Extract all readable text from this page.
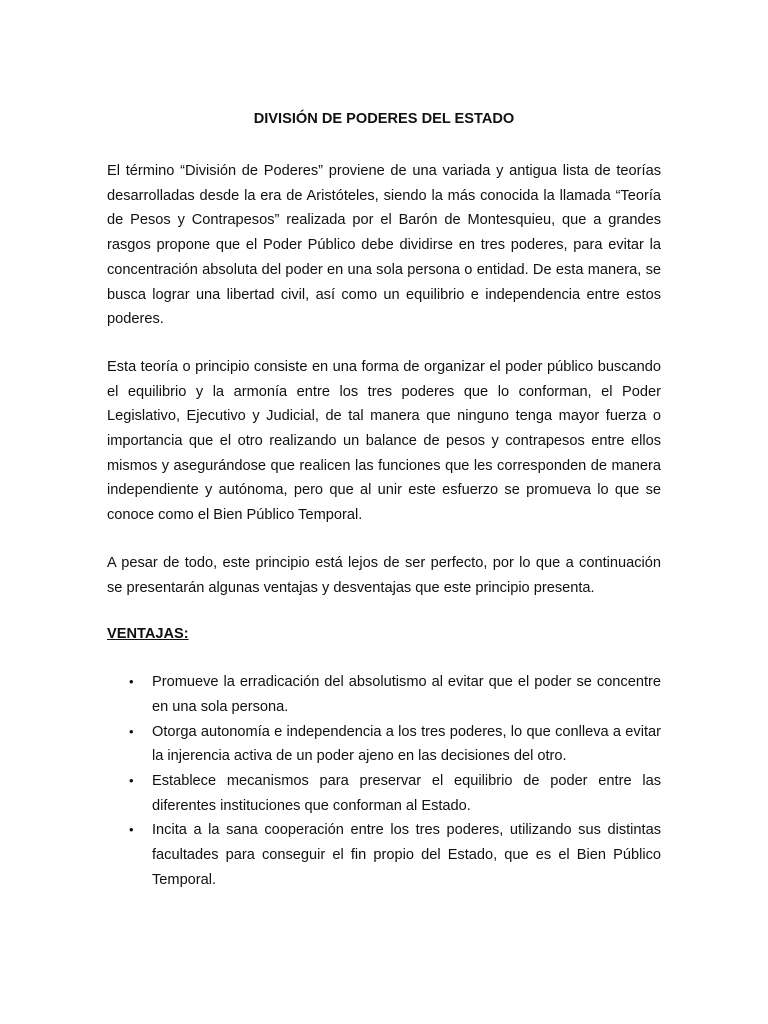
DIVISIÓN DE PODERES DEL ESTADO

El término “División de Poderes” proviene de una variada y antigua lista de teorías desarrolladas desde la era de Aristóteles, siendo la más conocida la llamada “Teoría de Pesos y Contrapesos” realizada por el Barón de Montesquieu, que a grandes rasgos propone que el Poder Público debe dividirse en tres poderes, para evitar la concentración absoluta del poder en una sola persona o entidad. De esta manera, se busca lograr una libertad civil, así como un equilibrio e independencia entre estos poderes.

Esta teoría o principio consiste en una forma de organizar el poder público buscando el equilibrio y la armonía entre los tres poderes que lo conforman, el Poder Legislativo, Ejecutivo y Judicial, de tal manera que ninguno tenga mayor fuerza o importancia que el otro realizando un balance de pesos y contrapesos entre ellos mismos y asegurándose que realicen las funciones que les corresponden de manera independiente y autónoma, pero que al unir este esfuerzo se promueva lo que se conoce como el Bien Público Temporal.

A pesar de todo, este principio está lejos de ser perfecto, por lo que a continuación se presentarán algunas ventajas y desventajas que este principio presenta.

VENTAJAS:
• Promueve la erradicación del absolutismo al evitar que el poder se concentre en una sola persona.
• Otorga autonomía e independencia a los tres poderes, lo que conlleva a evitar la injerencia activa de un poder ajeno en las decisiones del otro.
• Establece mecanismos para preservar el equilibrio de poder entre las diferentes instituciones que conforman al Estado.
• Incita a la sana cooperación entre los tres poderes, utilizando sus distintas facultades para conseguir el fin propio del Estado, que es el Bien Público Temporal.
